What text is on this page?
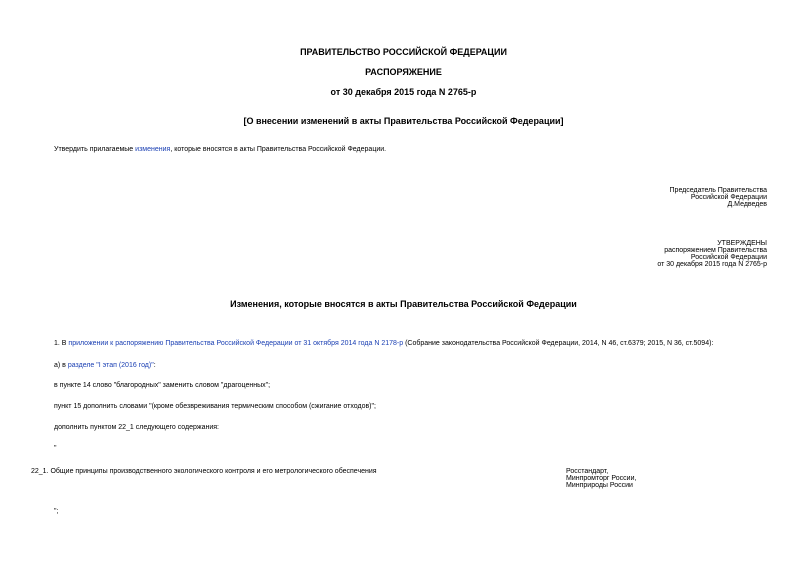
ПРАВИТЕЛЬСТВО РОССИЙСКОЙ ФЕДЕРАЦИИ
РАСПОРЯЖЕНИЕ
от 30 декабря 2015 года N 2765-р
[О внесении изменений в акты Правительства Российской Федерации]
Утвердить прилагаемые изменения, которые вносятся в акты Правительства Российской Федерации.
Председатель Правительства
Российской Федерации
Д.Медведев
УТВЕРЖДЕНЫ
распоряжением Правительства
Российской Федерации
от 30 декабря 2015 года N 2765-р
Изменения, которые вносятся в акты Правительства Российской Федерации
1. В приложении к распоряжению Правительства Российской Федерации от 31 октября 2014 года N 2178-р (Собрание законодательства Российской Федерации, 2014, N 46, ст.6379; 2015, N 36, ст.5094):
а) в разделе "I этап (2016 год)":
в пункте 14 слово "благородных" заменить словом "драгоценных";
пункт 15 дополнить словами "(кроме обезвреживания термическим способом (сжигание отходов)";
дополнить пунктом 22_1 следующего содержания:
"
22_1. Общие принципы производственного экологического контроля и его метрологического обеспечения	Росстандарт,
Минпромторг России,
Минприроды России
";
